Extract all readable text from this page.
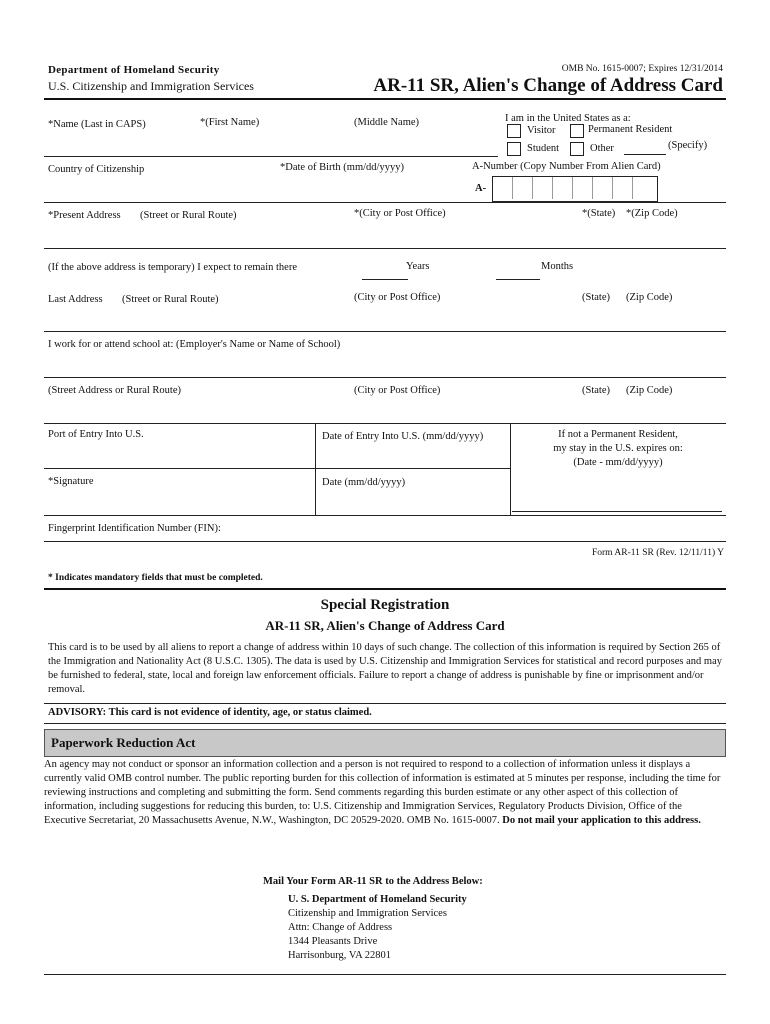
Department of Homeland Security
U.S. Citizenship and Immigration Services
OMB No. 1615-0007; Expires 12/31/2014
AR-11 SR, Alien's Change of Address Card
*Name (Last in CAPS)	*(First Name)	(Middle Name)	I am in the United States as a:
Visitor	Permanent Resident
Student	Other	(Specify)
Country of Citizenship	*Date of Birth (mm/dd/yyyy)	A-Number (Copy Number From Alien Card)
A-
*Present Address (Street or Rural Route)	*(City or Post Office)	*(State) *(Zip Code)
(If the above address is temporary) I expect to remain there	Years	Months
Last Address (Street or Rural Route)	(City or Post Office)	(State) (Zip Code)
I work for or attend school at: (Employer's Name or Name of School)
(Street Address or Rural Route)	(City or Post Office)	(State) (Zip Code)
Port of Entry Into U.S.	Date of Entry Into U.S. (mm/dd/yyyy)	If not a Permanent Resident,
my stay in the U.S. expires on:
(Date - mm/dd/yyyy)
*Signature	Date (mm/dd/yyyy)
Fingerprint Identification Number (FIN):
Form AR-11 SR (Rev. 12/11/11) Y
* Indicates mandatory fields that must be completed.
Special Registration
AR-11 SR, Alien's Change of Address Card
This card is to be used by all aliens to report a change of address within 10 days of such change. The collection of this information is required by Section 265 of the Immigration and Nationality Act (8 U.S.C. 1305). The data is used by U.S. Citizenship and Immigration Services for statistical and record purposes and may be furnished to federal, state, local and foreign law enforcement officials. Failure to report a change of address is punishable by fine or imprisonment and/or removal.
ADVISORY: This card is not evidence of identity, age, or status claimed.
Paperwork Reduction Act
An agency may not conduct or sponsor an information collection and a person is not required to respond to a collection of information unless it displays a currently valid OMB control number. The public reporting burden for this collection of information is estimated at 5 minutes per response, including the time for reviewing instructions and completing and submitting the form. Send comments regarding this burden estimate or any other aspect of this collection of information, including suggestions for reducing this burden, to: U.S. Citizenship and Immigration Services, Regulatory Products Division, Office of the Executive Secretariat, 20 Massachusetts Avenue, N.W., Washington, DC 20529-2020. OMB No. 1615-0007. Do not mail your application to this address.
Mail Your Form AR-11 SR to the Address Below:
U. S. Department of Homeland Security
Citizenship and Immigration Services
Attn: Change of Address
1344 Pleasants Drive
Harrisonburg, VA 22801
